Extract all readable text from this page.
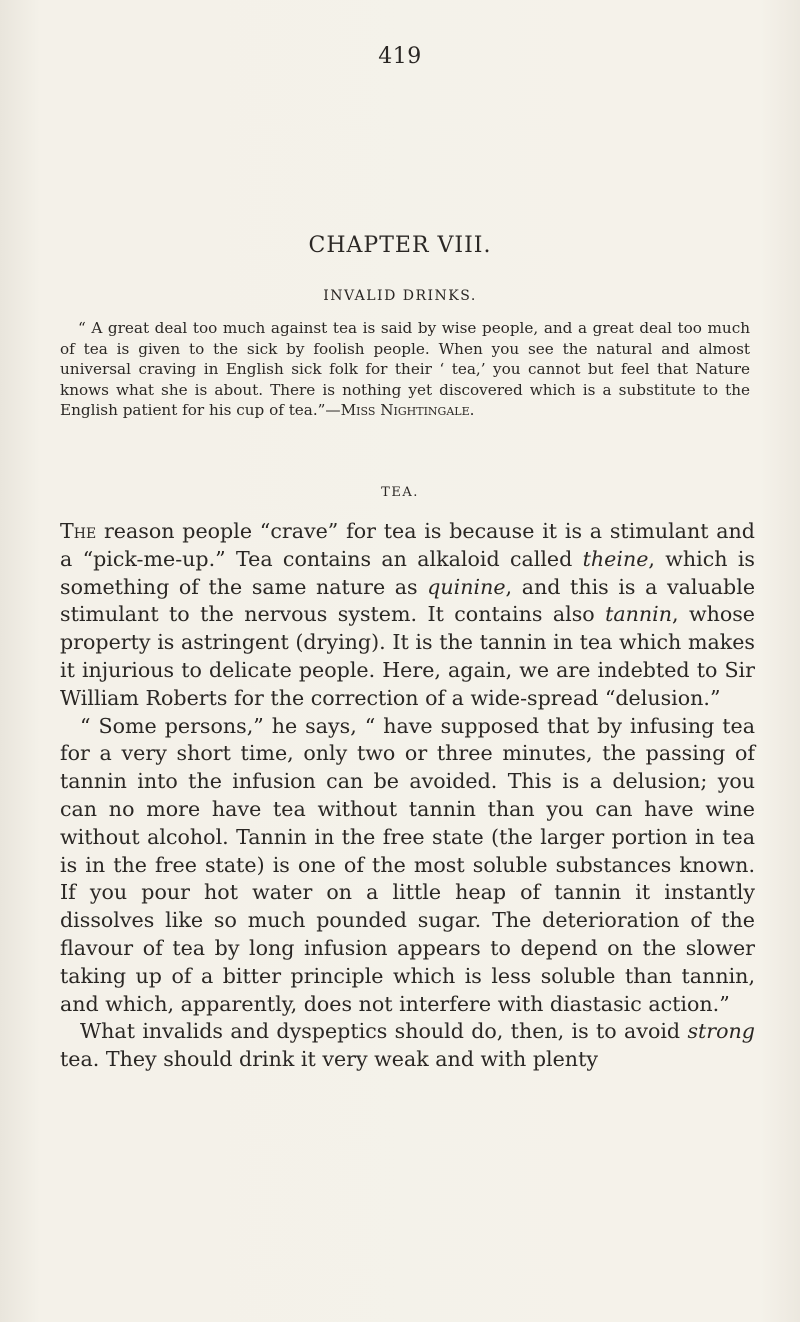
419
CHAPTER VIII.
INVALID DRINKS.
“ A great deal too much against tea is said by wise people, and a great deal too much of tea is given to the sick by foolish people. When you see the natural and almost universal craving in English sick folk for their ‘ tea,’ you cannot but feel that Nature knows what she is about. There is nothing yet discovered which is a substitute to the English patient for his cup of tea.”—Miss Nightingale.
TEA.

The reason people “crave” for tea is because it is a stimulant and a “pick-me-up.” Tea contains an alkaloid called theine, which is something of the same nature as quinine, and this is a valuable stimulant to the nervous system. It contains also tannin, whose property is astringent (drying). It is the tannin in tea which makes it injurious to delicate people. Here, again, we are indebted to Sir William Roberts for the correction of a wide-spread “delusion.”

“ Some persons,” he says, “ have supposed that by infusing tea for a very short time, only two or three minutes, the passing of tannin into the infusion can be avoided. This is a delusion; you can no more have tea without tannin than you can have wine without alcohol. Tannin in the free state (the larger portion in tea is in the free state) is one of the most soluble substances known. If you pour hot water on a little heap of tannin it instantly dissolves like so much pounded sugar. The deterioration of the flavour of tea by long infusion appears to depend on the slower taking up of a bitter principle which is less soluble than tannin, and which, apparently, does not interfere with diastasic action.”

What invalids and dyspeptics should do, then, is to avoid strong tea. They should drink it very weak and with plenty
